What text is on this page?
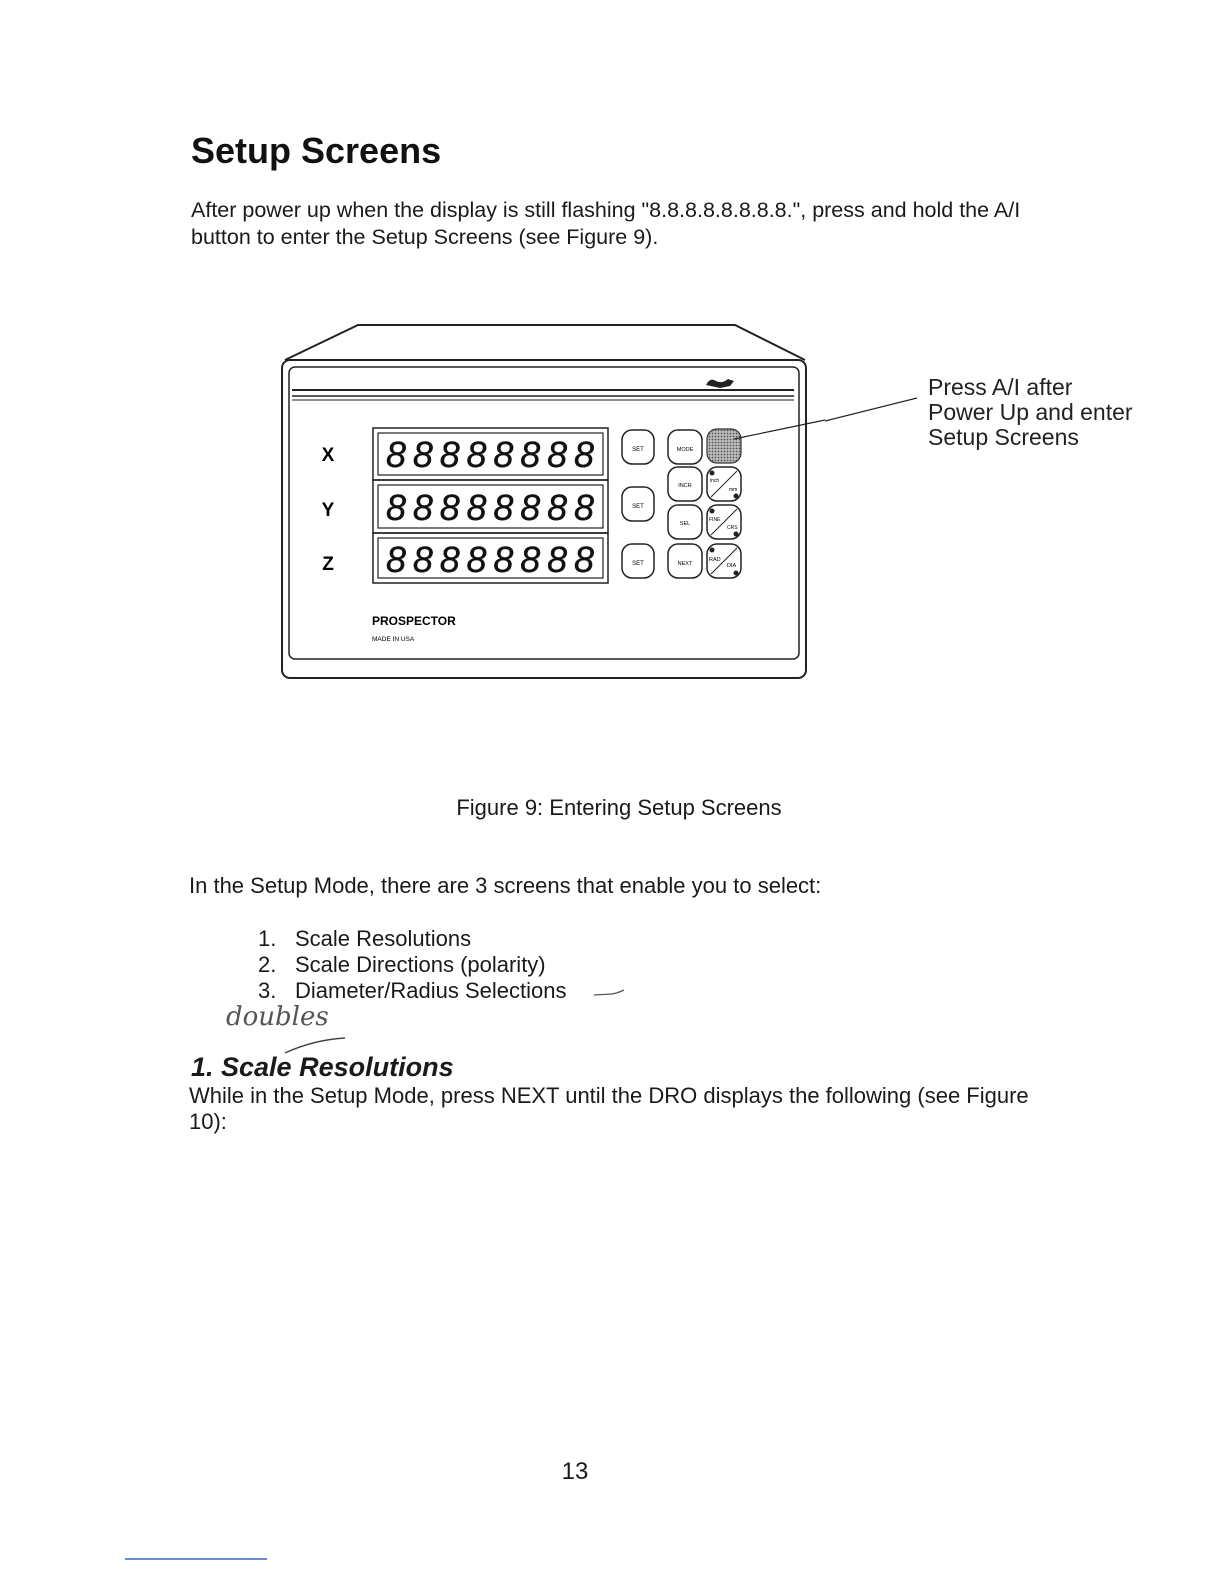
Setup Screens

After power up when the display is still flashing "8.8.8.8.8.8.8.8.", press and hold the A/I button to enter the Setup Screens (see Figure 9).

X
Y
Z
88888888
88888888
88888888
SET
SET
SET
MODE
INCR
SEL
NEXT
inch
mm
FINE
CRS
RAD
DIA
PROSPECTOR
MADE IN USA
Press A/I after
Power Up and enter
Setup Screens
Figure 9: Entering Setup Screens

In the Setup Mode, there are 3 screens that enable you to select:

1. Scale Resolutions
2. Scale Directions (polarity)
3. Diameter/Radius Selections
doubles
1. Scale Resolutions

While in the Setup Mode, press NEXT until the DRO displays the following (see Figure 10):

13
